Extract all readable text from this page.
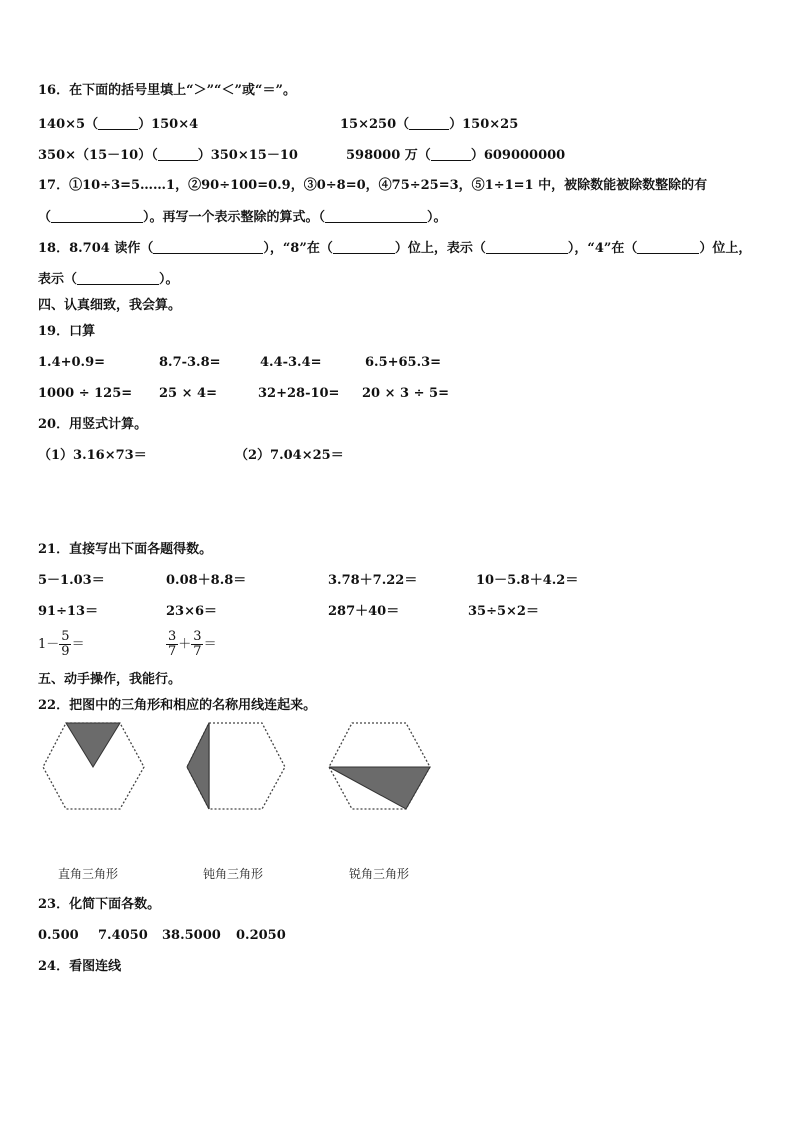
16．在下面的括号里填上“＞”“＜”或“＝”。
140×5（	）150×4	15×250（	）150×25
350×（15－10）（	）350×15－10	598000 万（	）609000000
17．①10÷3=5……1，②90÷100=0.9，③0÷8=0，④75÷25=3，⑤1÷1=1 中，被除数能被除数整除的有
（	）。再写一个表示整除的算式。（	）。
18．8.704 读作（	），“8”在（	）位上，表示（	），“4”在（	）位上，
表示（	）。
四、认真细致，我会算。
19．口算
1.4+0.9=	8.7-3.8=	4.4-3.4=	6.5+65.3=
1000 ÷ 125= 25 × 4=	32+28-10= 20 × 3 ÷ 5=
20．用竖式计算。
（1）3.16×73＝	（2）7.04×25＝
21．直接写出下面各题得数。
5－1.03＝	0.08＋8.8＝	3.78＋7.22＝	10－5.8＋4.2＝
91÷13＝	23×6＝	287＋40＝	35÷5×2＝
$1- \frac{5}{9}$ ＝	$\frac{3}{7} + \frac{3}{7}$ ＝
五、动手操作，我能行。
22．把图中的三角形和相应的名称用线连起来。
直角三角形	钝角三角形	锐角三角形
23．化简下面各数。
0.500 7.4050 38.5000 0.2050
24．看图连线
